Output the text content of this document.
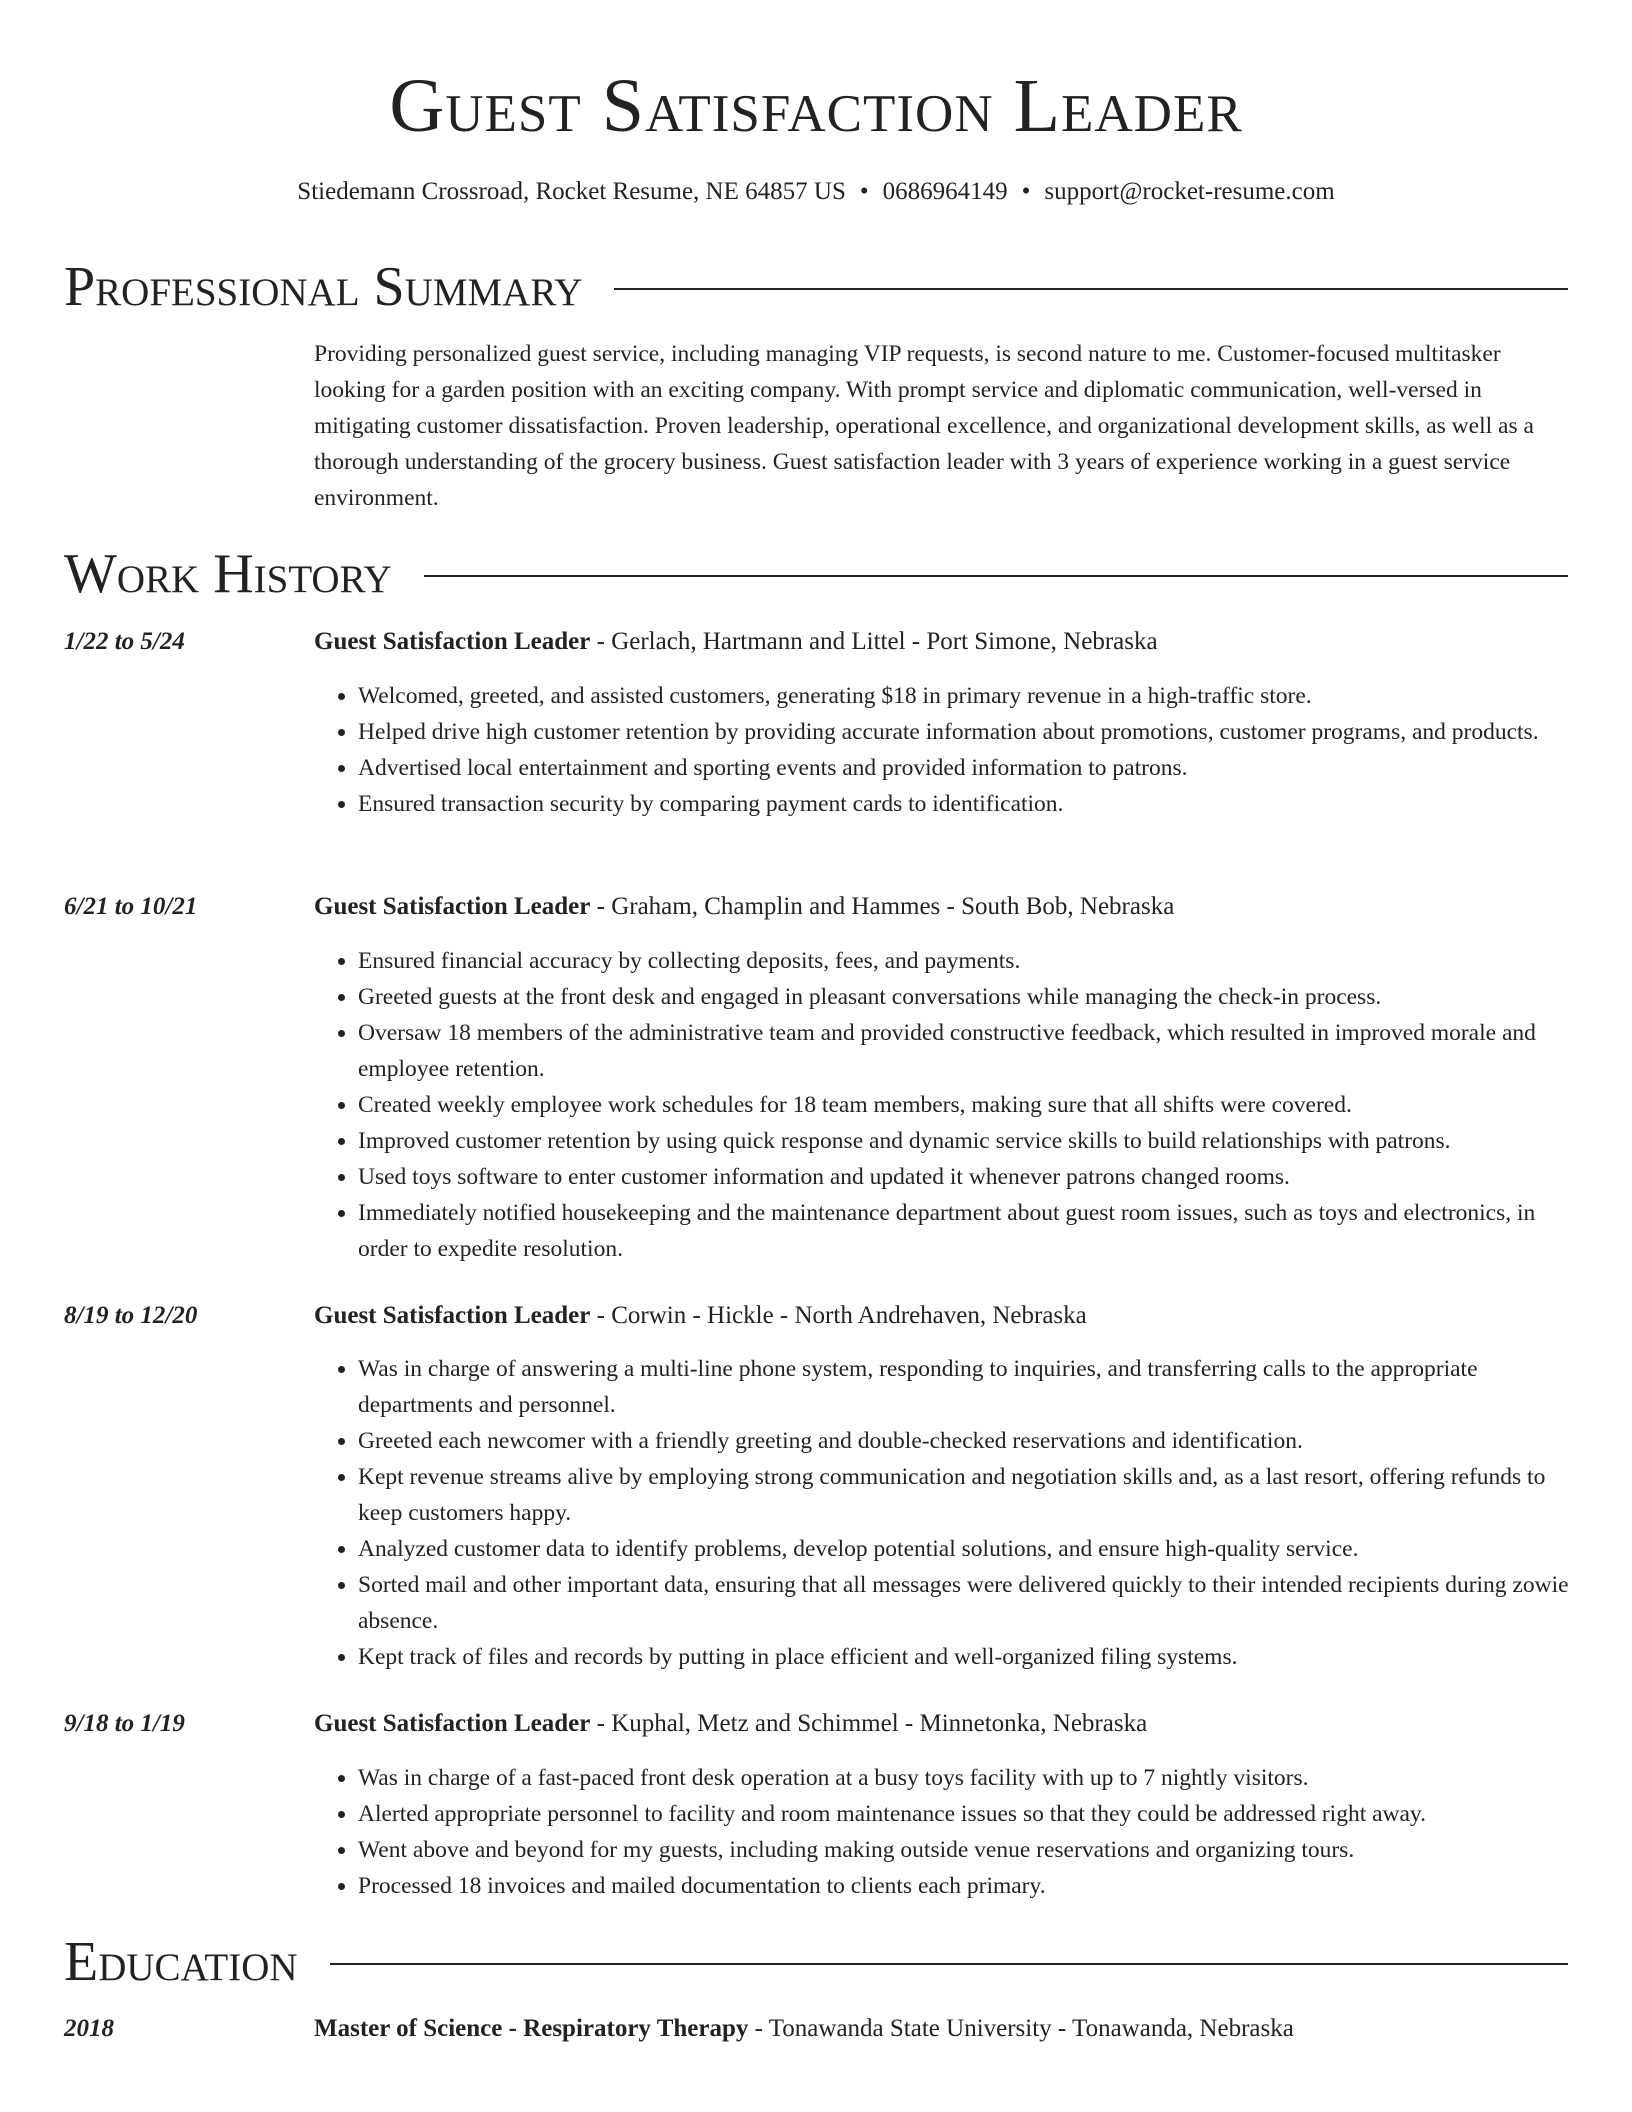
Guest Satisfaction Leader
Stiedemann Crossroad, Rocket Resume, NE 64857 US • 0686964149 • support@rocket-resume.com
Professional Summary

Providing personalized guest service, including managing VIP requests, is second nature to me. Customer-focused multitasker looking for a garden position with an exciting company. With prompt service and diplomatic communication, well-versed in mitigating customer dissatisfaction. Proven leadership, operational excellence, and organizational development skills, as well as a thorough understanding of the grocery business. Guest satisfaction leader with 3 years of experience working in a guest service environment.

Work History
1/22 to 5/24	Guest Satisfaction Leader - Gerlach, Hartmann and Littel - Port Simone, Nebraska
• Welcomed, greeted, and assisted customers, generating $18 in primary revenue in a high-traffic store.
• Helped drive high customer retention by providing accurate information about promotions, customer programs, and products.
• Advertised local entertainment and sporting events and provided information to patrons.
• Ensured transaction security by comparing payment cards to identification.
6/21 to 10/21	Guest Satisfaction Leader - Graham, Champlin and Hammes - South Bob, Nebraska
• Ensured financial accuracy by collecting deposits, fees, and payments.
• Greeted guests at the front desk and engaged in pleasant conversations while managing the check-in process.
• Oversaw 18 members of the administrative team and provided constructive feedback, which resulted in improved morale and employee retention.
• Created weekly employee work schedules for 18 team members, making sure that all shifts were covered.
• Improved customer retention by using quick response and dynamic service skills to build relationships with patrons.
• Used toys software to enter customer information and updated it whenever patrons changed rooms.
• Immediately notified housekeeping and the maintenance department about guest room issues, such as toys and electronics, in order to expedite resolution.
8/19 to 12/20	Guest Satisfaction Leader - Corwin - Hickle - North Andrehaven, Nebraska
• Was in charge of answering a multi-line phone system, responding to inquiries, and transferring calls to the appropriate departments and personnel.
• Greeted each newcomer with a friendly greeting and double-checked reservations and identification.
• Kept revenue streams alive by employing strong communication and negotiation skills and, as a last resort, offering refunds to keep customers happy.
• Analyzed customer data to identify problems, develop potential solutions, and ensure high-quality service.
• Sorted mail and other important data, ensuring that all messages were delivered quickly to their intended recipients during zowie absence.
• Kept track of files and records by putting in place efficient and well-organized filing systems.
9/18 to 1/19	Guest Satisfaction Leader - Kuphal, Metz and Schimmel - Minnetonka, Nebraska
• Was in charge of a fast-paced front desk operation at a busy toys facility with up to 7 nightly visitors.
• Alerted appropriate personnel to facility and room maintenance issues so that they could be addressed right away.
• Went above and beyond for my guests, including making outside venue reservations and organizing tours.
• Processed 18 invoices and mailed documentation to clients each primary.
Education
2018	Master of Science - Respiratory Therapy - Tonawanda State University - Tonawanda, Nebraska
